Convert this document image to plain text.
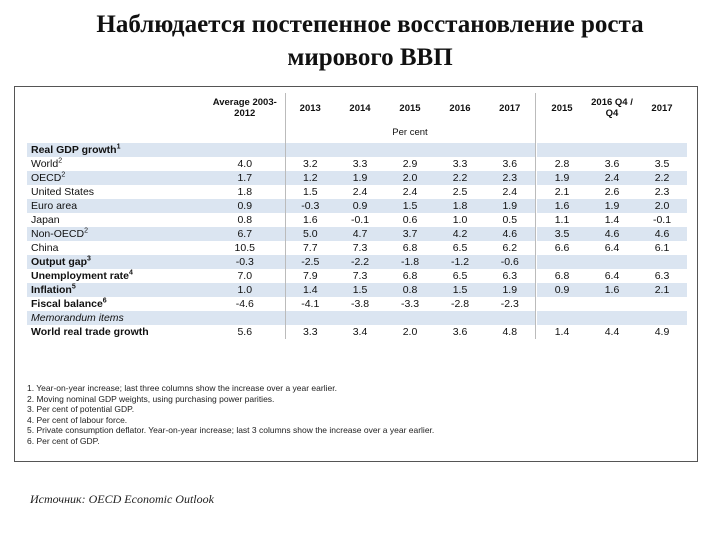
Наблюдается постепенное восстановление роста
мирового ВВП
	Average 2003-2012	2013	2014	2015	2016	2017		2015	2016 Q4 / Q4	2017
		Per cent								
Real GDP growth$^1$										
World$^2$	4.0	3.2	3.3	2.9	3.3	3.6		2.8	3.6	3.5
OECD$^2$	1.7	1.2	1.9	2.0	2.2	2.3		1.9	2.4	2.2
United States	1.8	1.5	2.4	2.4	2.5	2.4		2.1	2.6	2.3
Euro area	0.9	-0.3	0.9	1.5	1.8	1.9		1.6	1.9	2.0
Japan	0.8	1.6	-0.1	0.6	1.0	0.5		1.1	1.4	-0.1
Non-OECD$^2$	6.7	5.0	4.7	3.7	4.2	4.6		3.5	4.6	4.6
China	10.5	7.7	7.3	6.8	6.5	6.2		6.6	6.4	6.1
Output gap$^3$	-0.3	-2.5	-2.2	-1.8	-1.2	-0.6				
Unemployment rate$^4$	7.0	7.9	7.3	6.8	6.5	6.3		6.8	6.4	6.3
Inflation$^5$	1.0	1.4	1.5	0.8	1.5	1.9		0.9	1.6	2.1
Fiscal balance$^6$	-4.6	-4.1	-3.8	-3.3	-2.8	-2.3				
Memorandum items										
World real trade growth	5.6	3.3	3.4	2.0	3.6	4.8		1.4	4.4	4.9
1. Year-on-year increase; last three columns show the increase over a year earlier.
2. Moving nominal GDP weights, using purchasing power parities.
3. Per cent of potential GDP.
4. Per cent of labour force.
5. Private consumption deflator. Year-on-year increase; last 3 columns show the increase over a year earlier.
6. Per cent of GDP.
Источник: OECD Economic Outlook
